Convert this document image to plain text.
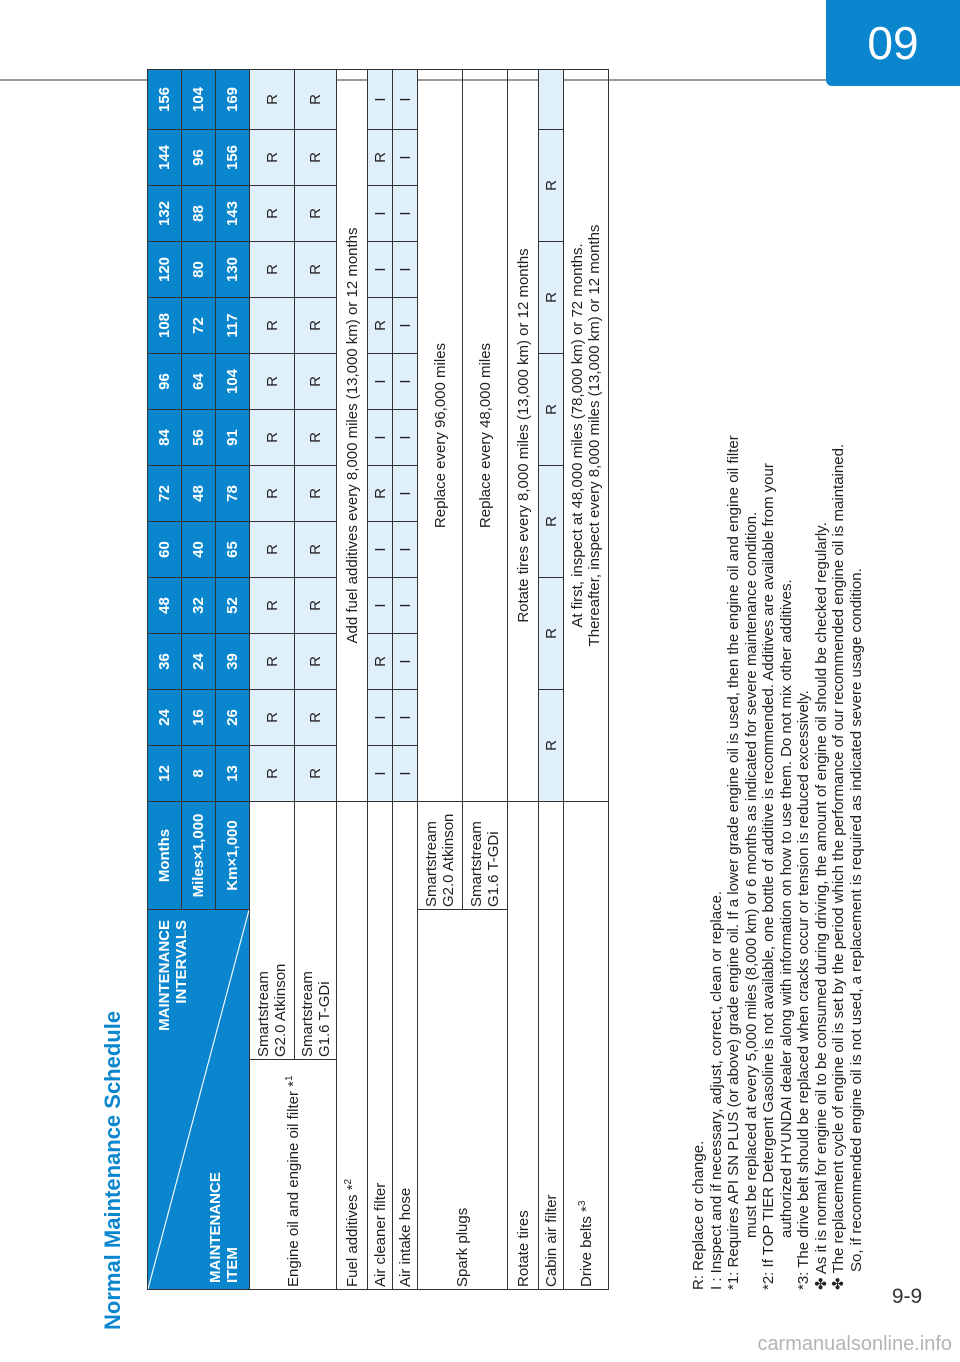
09
Normal Maintenance Schedule
MAINTENANCE INTERVALS
MAINTENANCE ITEM		Months	12	24	36	48	60	72	84	96	108	120	132	144	156
		Miles×1,000	8	16	24	32	40	48	56	64	72	80	88	96	104
		Km×1,000	13	26	39	52	65	78	91	104	117	130	143	156	169
Engine oil and engine oil filter *$^1$	Smartstream G2.0 Atkinson		R	R	R	R	R	R	R	R	R	R	R	R	R

	Smartstream G1.6 T-GDi		R	R	R	R	R	R	R	R	R	R	R	R	R
Fuel additives *$^2$			Add fuel additives every 8,000 miles (13,000 km) or 12 months												
Air cleaner filter			I	I	R	I	I	R	I	I	R	I	I	R	I
Air intake hose			I	I	I	I	I	I	I	I	I	I	I	I	I
Spark plugs		Smartstream G2.0 Atkinson	Replace every 96,000 miles												

		Smartstream G1.6 T-GDi	Replace every 48,000 miles												
Rotate tires			Rotate tires every 8,000 miles (13,000 km) or 12 months												
Cabin air filter			R		R		R		R		R		R		
Drive belts *$^3$			At first, inspect at 48,000 miles (78,000 km) or 72 months. Thereafter, inspect every 8,000 miles (13,000 km) or 12 months												
R: Replace or change. I : Inspect and if necessary, adjust, correct, clean or replace. *1: Requires API SN PLUS (or above) grade engine oil. If a lower grade engine oil is used, then the engine oil and engine oil filter must be replaced at every 5,000 miles (8,000 km) or 6 months as indicated for severe maintenance condition.
*2: If TOP TIER Detergent Gasoline is not available, one bottle of additive is recommended. Additives are available from your authorized HYUNDAI dealer along with information on how to use them. Do not mix other additives.
*3: The drive belt should be replaced when cracks occur or tension is reduced excessively. ✤ As it is normal for engine oil to be consumed during driving, the amount of engine oil should be checked regularly. ✤ The replacement cycle of engine oil is set by the period which the performance of our recommended engine oil is maintained. So, if recommended engine oil is not used, a replacement is required as indicated severe usage condition.
9-9
carmanualsonline.info
